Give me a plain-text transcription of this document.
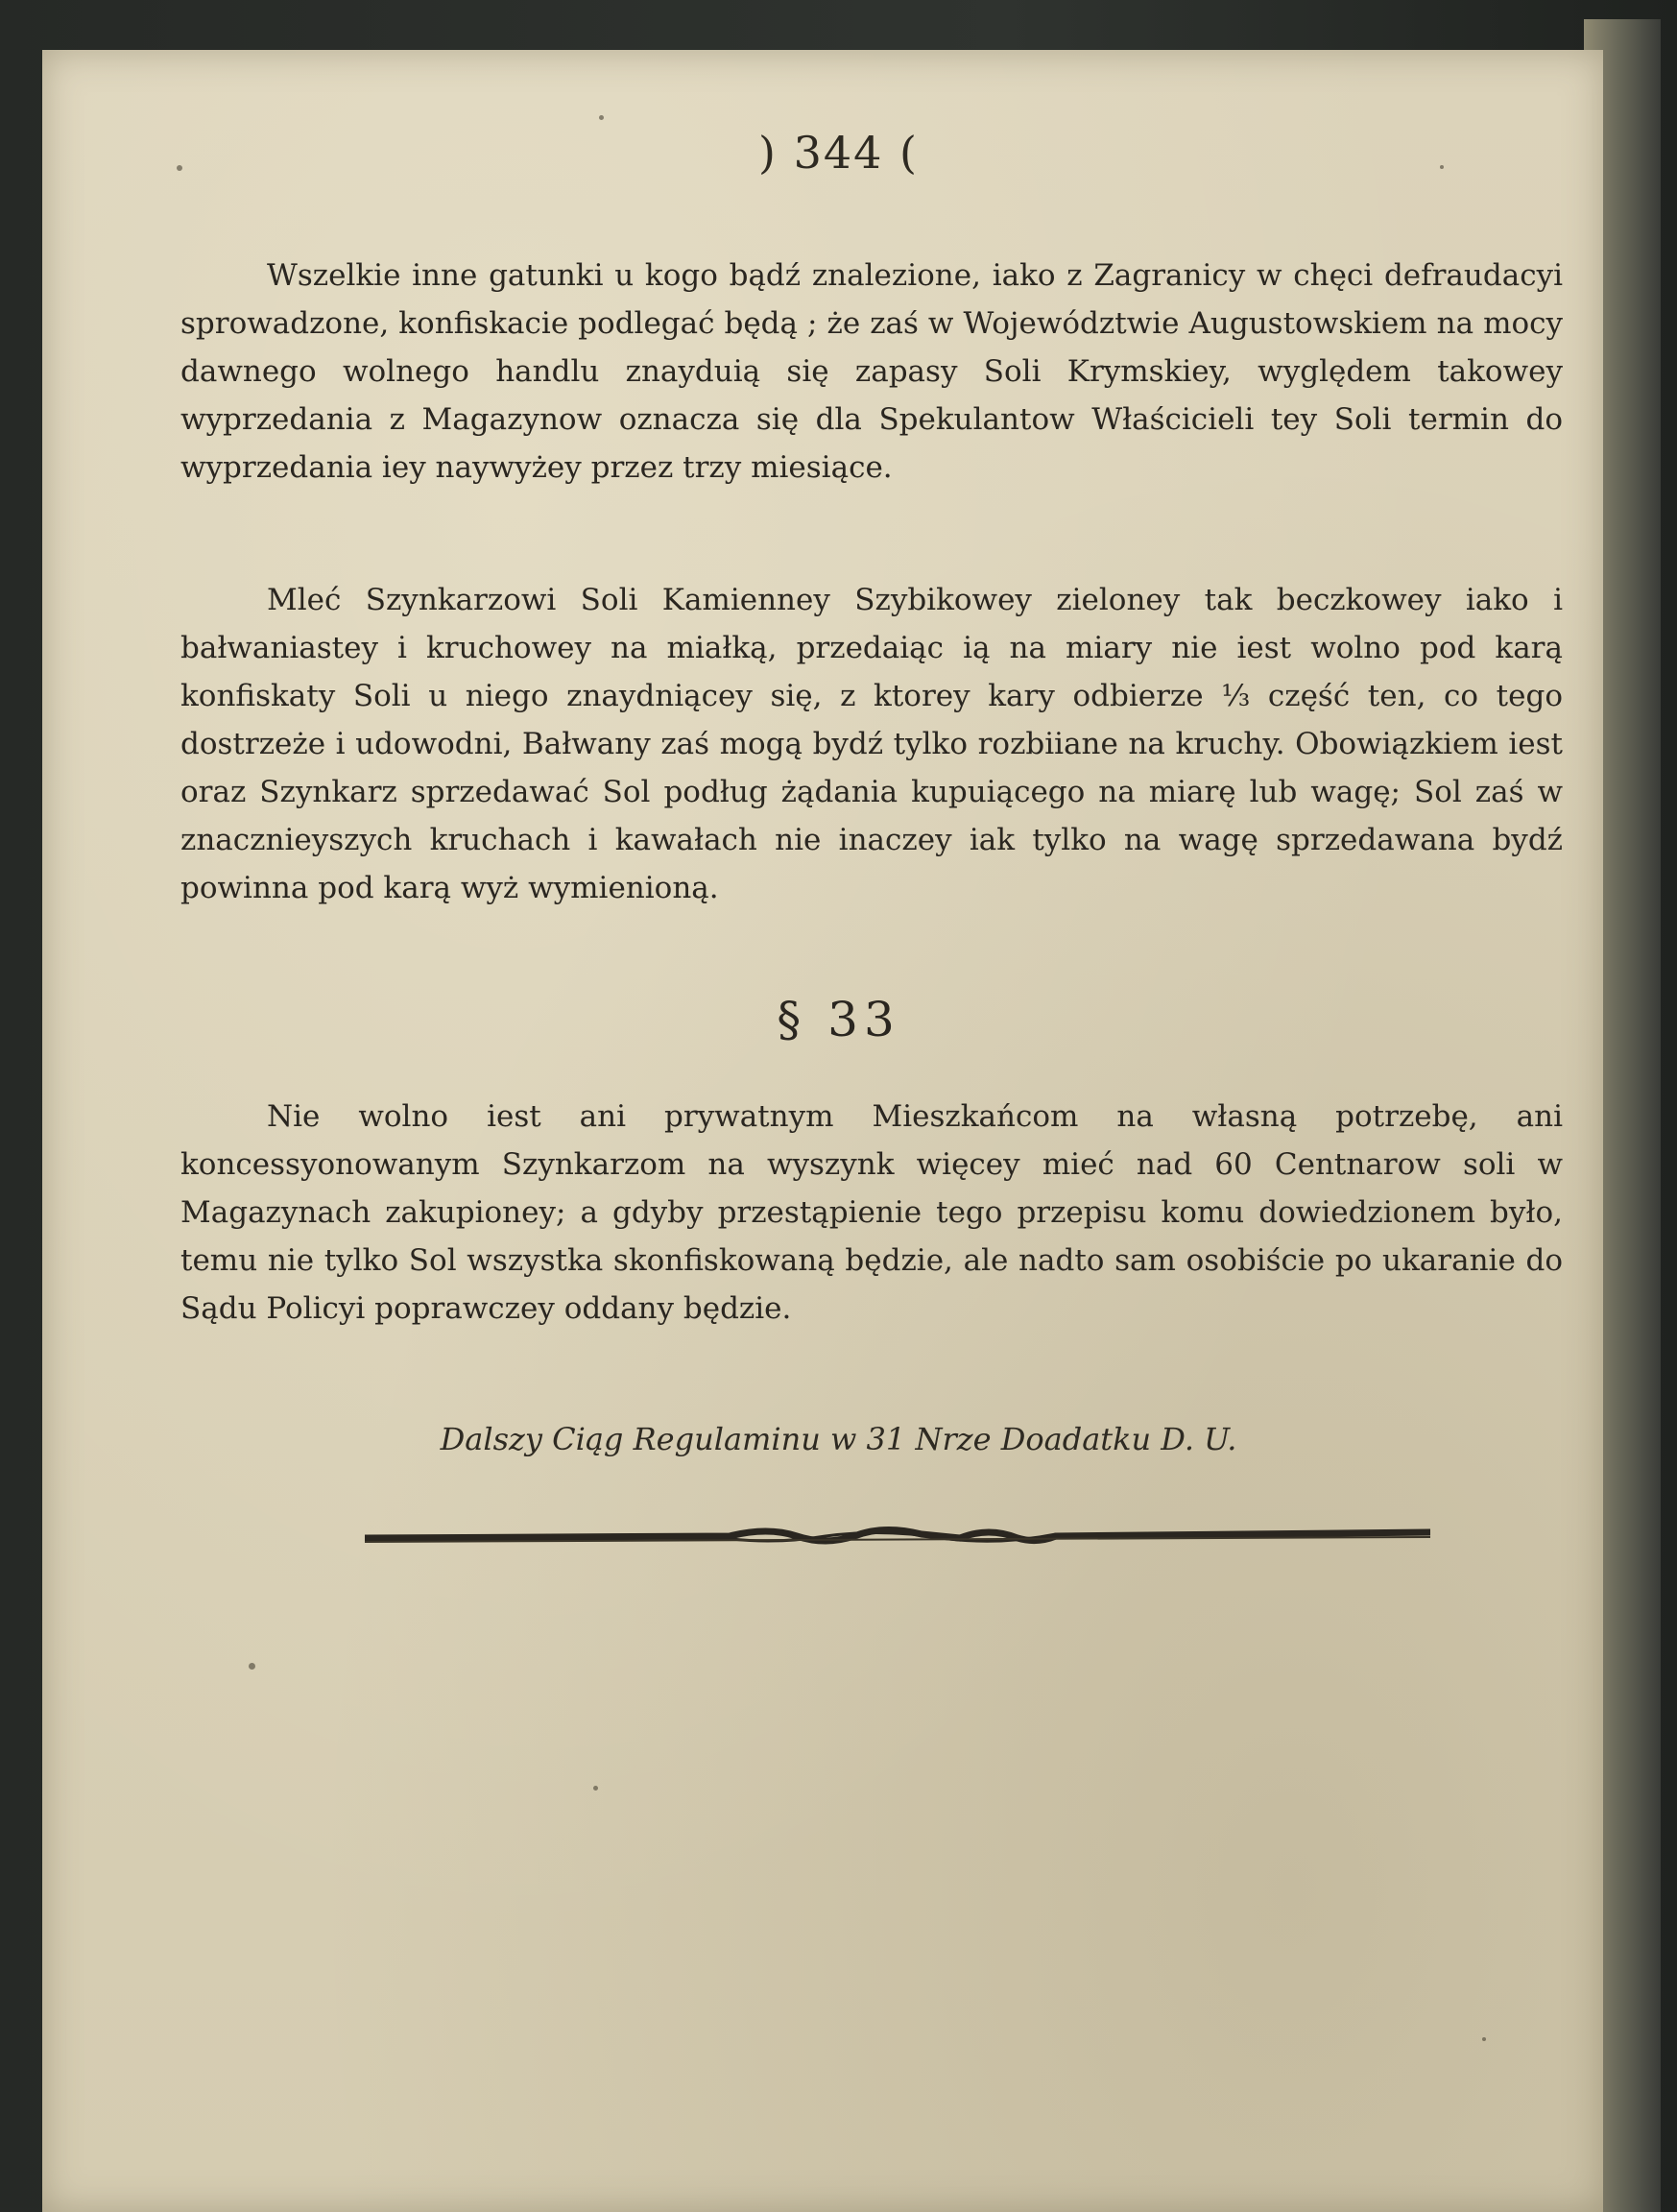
) 344 (

Wszelkie inne gatunki u kogo bądź znalezione, iako z Zagranicy w chęci defraudacyi sprowadzone, konfiskacie podlegać będą ; że zaś w Województwie Augustowskiem na mocy dawnego wolnego handlu znayduią się zapasy Soli Krymskiey, wyględem takowey wyprzedania z Magazynow oznacza się dla Spekulantow Właścicieli tey Soli termin do wyprzedania iey naywyżey przez trzy miesiące.

Mleć Szynkarzowi Soli Kamienney Szybikowey zieloney tak beczkowey iako i bałwaniastey i kruchowey na miałką, przedaiąc ią na miary nie iest wolno pod karą konfiskaty Soli u niego znaydniącey się, z ktorey kary odbierze ⅓ część ten, co tego dostrzeże i udowodni, Bałwany zaś mogą bydź tylko rozbiiane na kruchy. Obowiązkiem iest oraz Szynkarz sprzedawać Sol podług żądania kupuiącego na miarę lub wagę; Sol zaś w znacznieyszych kruchach i kawałach nie inaczey iak tylko na wagę sprzedawana bydź powinna pod karą wyż wymienioną.

§ 33

Nie wolno iest ani prywatnym Mieszkańcom na własną potrzebę, ani koncessyonowanym Szynkarzom na wyszynk więcey mieć nad 60 Centnarow soli w Magazynach zakupioney; a gdyby przestąpienie tego przepisu komu dowiedzionem było, temu nie tylko Sol wszystka skonfiskowaną będzie, ale nadto sam osobiście po ukaranie do Sądu Policyi poprawczey oddany będzie.

Dalszy Ciąg Regulaminu w 31 Nrze Doadatku D. U.
